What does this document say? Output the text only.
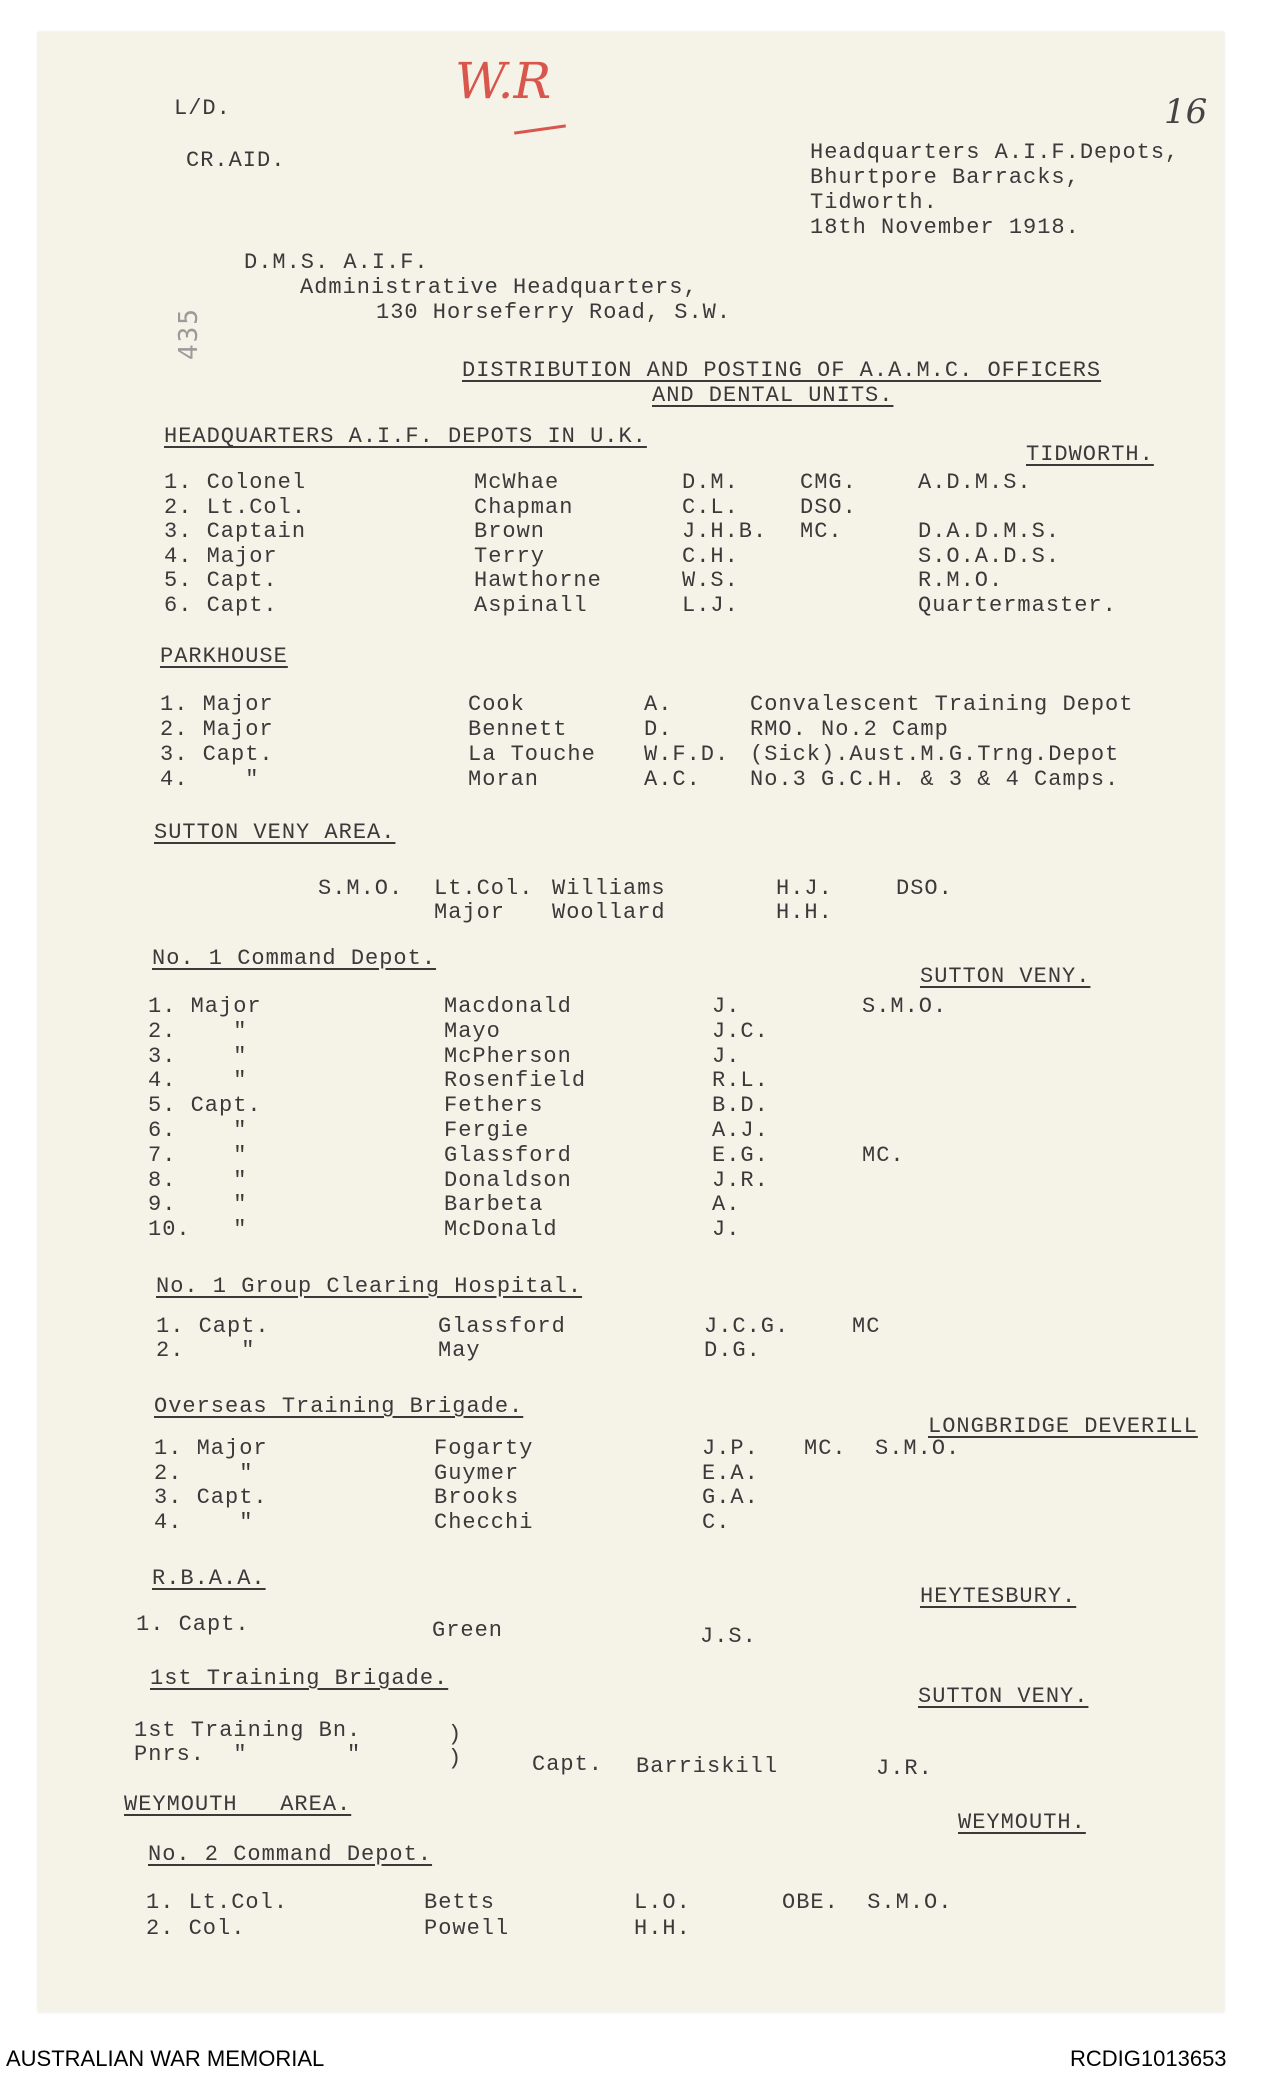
L/D.
CR.AID.
W.R
16
435
Headquarters A.I.F.Depots,
Bhurtpore Barracks,
Tidworth.
18th November 1918.
D.M.S. A.I.F.
Administrative Headquarters,
130 Horseferry Road, S.W.
DISTRIBUTION AND POSTING OF A.A.M.C. OFFICERS
AND DENTAL UNITS.
HEADQUARTERS A.I.F. DEPOTS IN U.K.
TIDWORTH.
1. Colonel	McWhae	D.M.	CMG.	A.D.M.S.
2. Lt.Col.	Chapman	C.L.	DSO.
3. Captain	Brown	J.H.B. MC.	D.A.D.M.S.
4. Major	Terry	C.H.	S.O.A.D.S.
5. Capt.	Hawthorne	W.S.	R.M.O.
6. Capt.	Aspinall	L.J.	Quartermaster.
PARKHOUSE
1. Major	Cook	A.	Convalescent Training Depot
2. Major	Bennett	D.	RMO. No.2 Camp
3. Capt.	La Touche W.F.D. (Sick).Aust.M.G.Trng.Depot
4.    "	Moran	A.C. No.3 G.C.H. & 3 & 4 Camps.
SUTTON VENY AREA.
S.M.O. Lt.Col. Williams	H.J.	DSO.
Major Woollard	H.H.
No. 1 Command Depot.
SUTTON VENY.
1. Major	Macdonald	J.	S.M.O.
2.    "	Mayo	J.C.
3.    "	McPherson	J.
4.    "	Rosenfield	R.L.
5. Capt.	Fethers	B.D.
6.    "	Fergie	A.J.
7.    "	Glassford	E.G.	MC.
8.    "	Donaldson	J.R.
9.    "	Barbeta	A.
10.   "	McDonald	J.
No. 1 Group Clearing Hospital.
1. Capt.	Glassford	J.C.G.	MC
2.    "	May	D.G.
Overseas Training Brigade.
LONGBRIDGE DEVERILL
1. Major	Fogarty	J.P. MC.  S.M.O.
2.    "	Guymer	E.A.
3. Capt.	Brooks	G.A.
4.    "	Checchi	C.
R.B.A.A.
HEYTESBURY.
1. Capt.	Green	J.S.
1st Training Brigade.
SUTTON VENY.
1st Training Bn.
Pnrs.  "       "
)
)	Capt. Barriskill	J.R.
WEYMOUTH   AREA.
WEYMOUTH.
No. 2 Command Depot.
1. Lt.Col.	Betts	L.O.	OBE.  S.M.O.
2. Col.	Powell	H.H.
AUSTRALIAN WAR MEMORIAL	RCDIG1013653
